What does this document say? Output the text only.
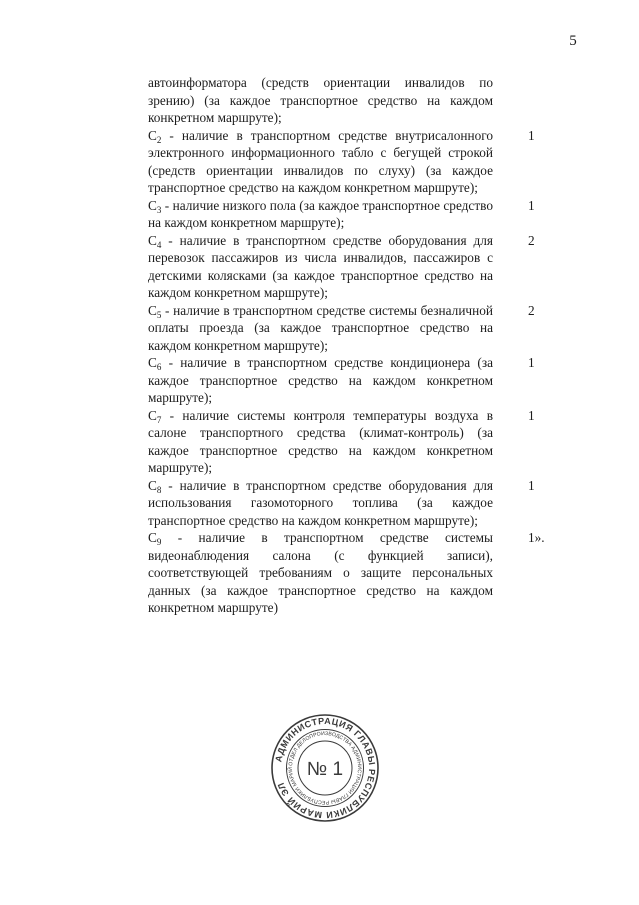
5
автоинформатора (средств ориентации инвалидов по зрению) (за каждое транспортное средство на каждом конкретном маршруте);
$С_2$ - наличие в транспортном средстве внутрисалонного электронного информационного табло с бегущей строкой (средств ориентации инвалидов по слуху) (за каждое транспортное средство на каждом конкретном маршруте);
1
$С_3$ - наличие низкого пола (за каждое транспортное средство на каждом конкретном маршруте);
1
$С_4$ - наличие в транспортном средстве оборудования для перевозок пассажиров из числа инвалидов, пассажиров с детскими колясками (за каждое транспортное средство на каждом конкретном маршруте);
2
$С_5$ - наличие в транспортном средстве системы безналичной оплаты проезда (за каждое транспортное средство на каждом конкретном маршруте);
2
$С_6$ - наличие в транспортном средстве кондиционера (за каждое транспортное средство на каждом конкретном маршруте);
1
$С_7$ - наличие системы контроля температуры воздуха в салоне транспортного средства (климат-контроль) (за каждое транспортное средство на каждом конкретном маршруте);
1
$С_8$ - наличие в транспортном средстве оборудования для использования газомоторного топлива (за каждое транспортное средство на каждом конкретном маршруте);
1
$С_9$ - наличие в транспортном средстве системы видеонаблюдения салона (с функцией записи), соответствующей требованиям о защите персональных данных (за каждое транспортное средство на каждом конкретном маршруте)
1».
АДМИНИСТРАЦИЯ ГЛАВЫ РЕСПУБЛИКИ МАРИЙ ЭЛ
ОТДЕЛ ДЕЛОПРОИЗВОДСТВА АДМИНИСТРАЦИИ ГЛАВЫ РЕСПУБЛИКИ МАРИЙ № 1
